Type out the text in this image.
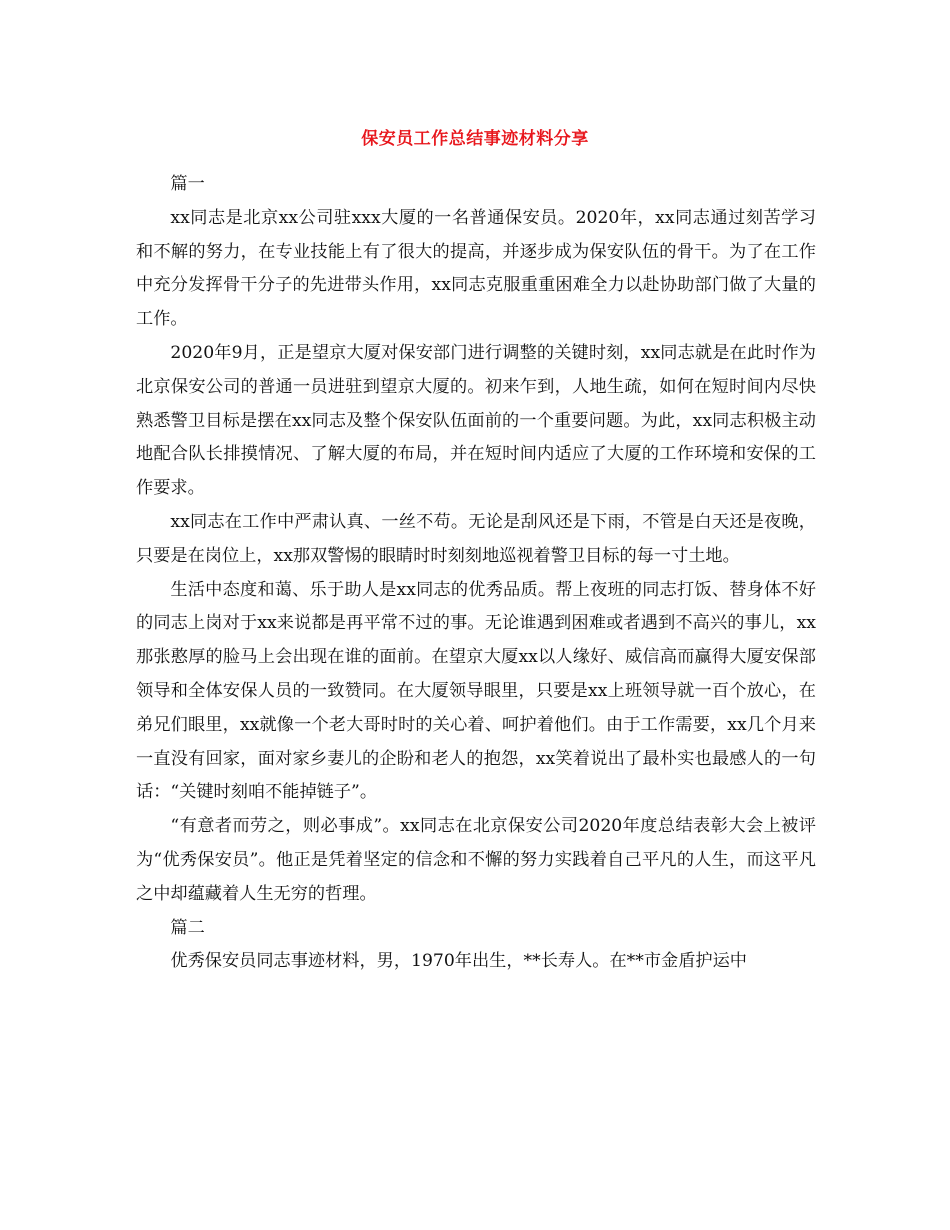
保安员工作总结事迹材料分享

篇一

xx同志是北京xx公司驻xxx大厦的一名普通保安员。2020年，xx同志通过刻苦学习和不解的努力，在专业技能上有了很大的提高，并逐步成为保安队伍的骨干。为了在工作中充分发挥骨干分子的先进带头作用，xx同志克服重重困难全力以赴协助部门做了大量的工作。

2020年9月，正是望京大厦对保安部门进行调整的关键时刻，xx同志就是在此时作为北京保安公司的普通一员进驻到望京大厦的。初来乍到，人地生疏，如何在短时间内尽快熟悉警卫目标是摆在xx同志及整个保安队伍面前的一个重要问题。为此，xx同志积极主动地配合队长排摸情况、了解大厦的布局，并在短时间内适应了大厦的工作环境和安保的工作要求。

xx同志在工作中严肃认真、一丝不苟。无论是刮风还是下雨，不管是白天还是夜晚，只要是在岗位上，xx那双警惕的眼睛时时刻刻地巡视着警卫目标的每一寸土地。

生活中态度和蔼、乐于助人是xx同志的优秀品质。帮上夜班的同志打饭、替身体不好的同志上岗对于xx来说都是再平常不过的事。无论谁遇到困难或者遇到不高兴的事儿，xx那张憨厚的脸马上会出现在谁的面前。在望京大厦xx以人缘好、威信高而赢得大厦安保部领导和全体安保人员的一致赞同。在大厦领导眼里，只要是xx上班领导就一百个放心，在弟兄们眼里，xx就像一个老大哥时时的关心着、呵护着他们。由于工作需要，xx几个月来一直没有回家，面对家乡妻儿的企盼和老人的抱怨，xx笑着说出了最朴实也最感人的一句话：“关键时刻咱不能掉链子”。

“有意者而劳之，则必事成”。xx同志在北京保安公司2020年度总结表彰大会上被评为“优秀保安员”。他正是凭着坚定的信念和不懈的努力实践着自己平凡的人生，而这平凡之中却蕴藏着人生无穷的哲理。

篇二

优秀保安员同志事迹材料，男，1970年出生，**长寿人。在**市金盾护运中
